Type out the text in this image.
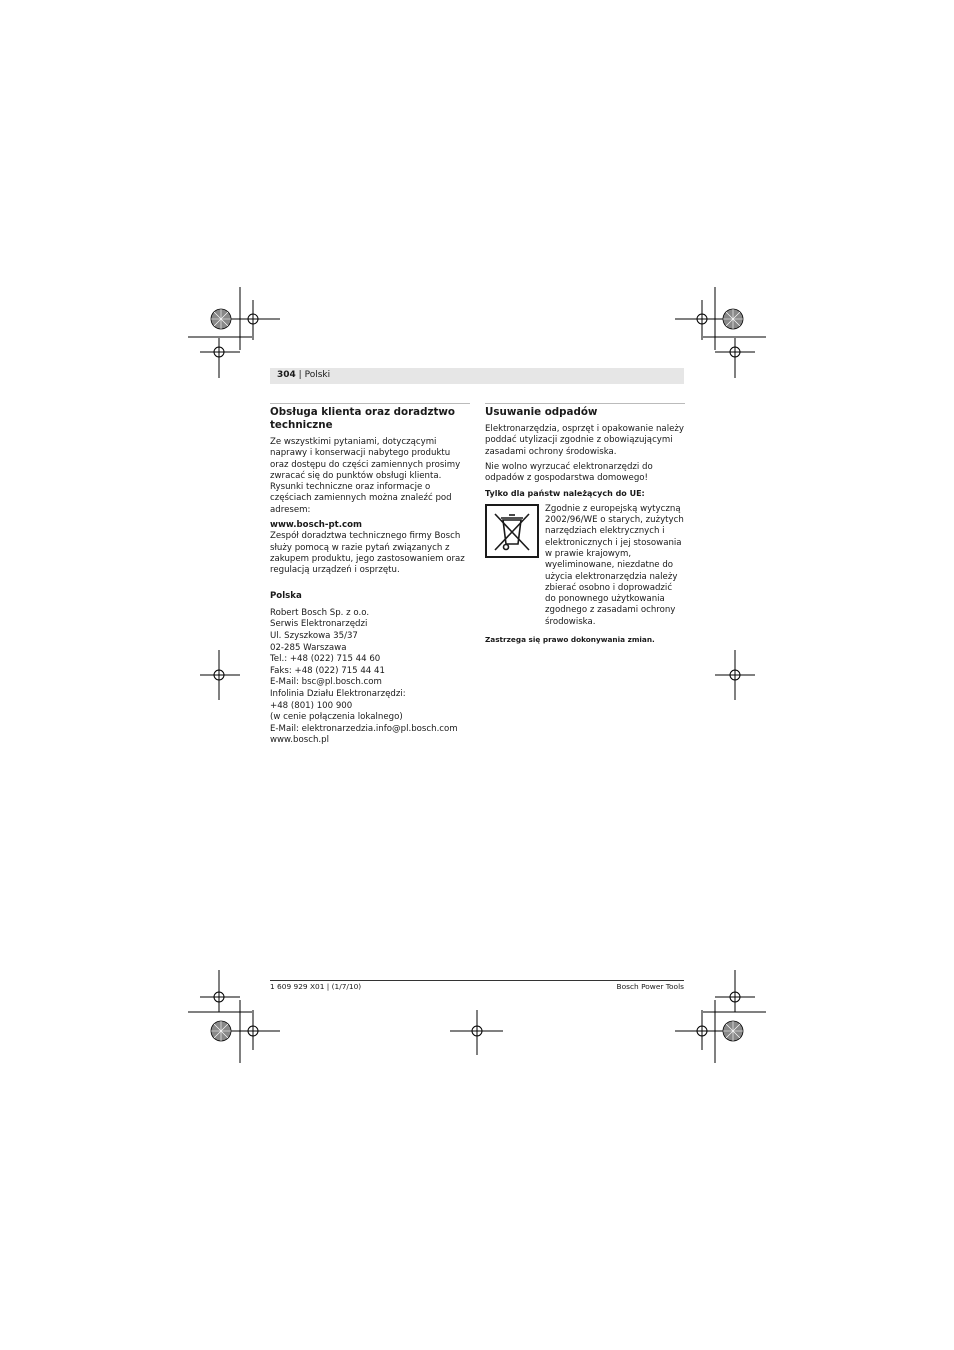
304 | Polski
Obsługa klienta oraz doradztwo techniczne
Ze wszystkimi pytaniami, dotyczącymi naprawy i konserwacji nabytego produktu oraz dostępu do części zamiennych prosimy zwracać się do punktów obsługi klienta. Rysunki techniczne oraz informacje o częściach zamiennych można znaleźć pod adresem:
www.bosch-pt.com
Zespół doradztwa technicznego firmy Bosch służy pomocą w razie pytań związanych z zakupem produktu, jego zastosowaniem oraz regulacją urządzeń i osprzętu.
Polska
Robert Bosch Sp. z o.o.
Serwis Elektronarzędzi
Ul. Szyszkowa 35/37
02-285 Warszawa
Tel.: +48 (022) 715 44 60
Faks: +48 (022) 715 44 41
E-Mail: bsc@pl.bosch.com
Infolinia Działu Elektronarzędzi:
+48 (801) 100 900
(w cenie połączenia lokalnego)
E-Mail: elektronarzedzia.info@pl.bosch.com
www.bosch.pl
Usuwanie odpadów
Elektronarzędzia, osprzęt i opakowanie należy poddać utylizacji zgodnie z obowiązującymi zasadami ochrony środowiska.
Nie wolno wyrzucać elektronarzędzi do odpadów z gospodarstwa domowego!
Tylko dla państw należących do UE:
Zgodnie z europejską wytyczną 2002/96/WE o starych, zużytych narzędziach elektrycznych i elektronicznych i jej stosowania w prawie krajowym, wyeliminowane, niezdatne do użycia elektronarzędzia należy zbierać osobno i doprowadzić do ponownego użytkowania zgodnego z zasadami ochrony środowiska.
Zastrzega się prawo dokonywania zmian.
1 609 929 X01 | (1/7/10)	Bosch Power Tools
